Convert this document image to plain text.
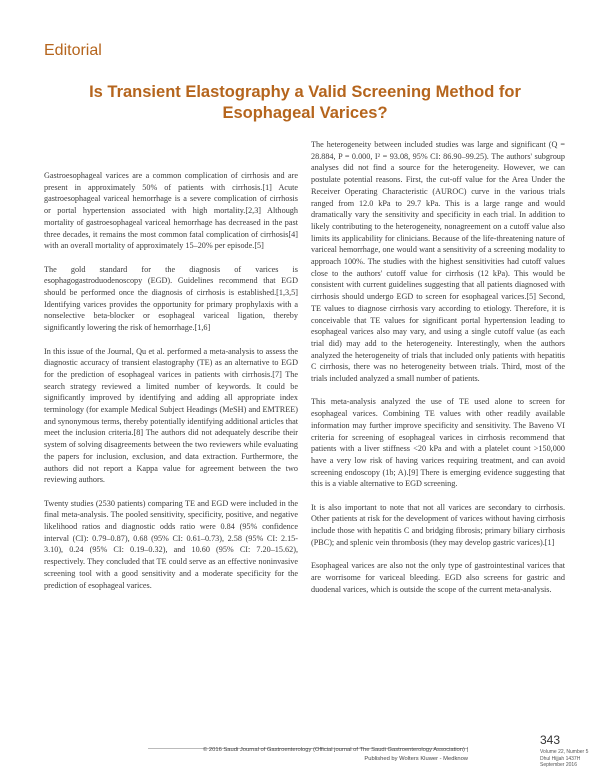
Editorial
Is Transient Elastography a Valid Screening Method for Esophageal Varices?

Gastroesophageal varices are a common complication of cirrhosis and are present in approximately 50% of patients with cirrhosis.[1] Acute gastroesophageal variceal hemorrhage is a severe complication of cirrhosis or portal hypertension associated with high mortality.[2,3] Although mortality of gastroesophageal variceal hemorrhage has decreased in the past three decades, it remains the most common fatal complication of cirrhosis[4] with an overall mortality of approximately 15–20% per episode.[5]

The gold standard for the diagnosis of varices is esophagogastroduodenoscopy (EGD). Guidelines recommend that EGD should be performed once the diagnosis of cirrhosis is established.[1,3,5] Identifying varices provides the opportunity for primary prophylaxis with a nonselective beta-blocker or esophageal variceal ligation, thereby significantly lowering the risk of hemorrhage.[1,6]

In this issue of the Journal, Qu et al. performed a meta-analysis to assess the diagnostic accuracy of transient elastography (TE) as an alternative to EGD for the prediction of esophageal varices in patients with cirrhosis.[7] The search strategy reviewed a limited number of keywords. It could be significantly improved by identifying and adding all appropriate index terminology (for example Medical Subject Headings (MeSH) and EMTREE) and synonymous terms, thereby potentially identifying additional articles that meet the inclusion criteria.[8] The authors did not adequately describe their system of solving disagreements between the two reviewers while evaluating the papers for inclusion, exclusion, and data extraction. Furthermore, the authors did not report a Kappa value for agreement between the two reviewing authors.

Twenty studies (2530 patients) comparing TE and EGD were included in the final meta-analysis. The pooled sensitivity, specificity, positive, and negative likelihood ratios and diagnostic odds ratio were 0.84 (95% confidence interval (CI): 0.79–0.87), 0.68 (95% CI: 0.61–0.73), 2.58 (95% CI: 2.15-3.10), 0.24 (95% CI: 0.19–0.32), and 10.60 (95% CI: 7.20–15.62), respectively. They concluded that TE could serve as an effective noninvasive screening tool with a good sensitivity and a moderate specificity for the prediction of esophageal varices.

The heterogeneity between included studies was large and significant (Q = 28.884, P = 0.000, I² = 93.08, 95% CI: 86.90–99.25). The authors' subgroup analyses did not find a source for the heterogeneity. However, we can postulate potential reasons. First, the cut-off value for the Area Under the Receiver Operating Characteristic (AUROC) curve in the various trials ranged from 12.0 kPa to 29.7 kPa. This is a large range and would dramatically vary the sensitivity and specificity in each trial. In addition to likely contributing to the heterogeneity, nonagreement on a cutoff value also limits its applicability for clinicians. Because of the life-threatening nature of variceal hemorrhage, one would want a sensitivity of a screening modality to approach 100%. The studies with the highest sensitivities had cutoff values close to the authors' cutoff value for cirrhosis (12 kPa). This would be consistent with current guidelines suggesting that all patients diagnosed with cirrhosis should undergo EGD to screen for esophageal varices.[5] Second, TE values to diagnose cirrhosis vary according to etiology. Therefore, it is conceivable that TE values for significant portal hypertension leading to esophageal varices also may vary, and using a single cutoff value (as each trial did) may add to the heterogeneity. Interestingly, when the authors analyzed the heterogeneity of trials that included only patients with hepatitis C cirrhosis, there was no heterogeneity between trials. Third, most of the trials included analyzed a small number of patients.

This meta-analysis analyzed the use of TE used alone to screen for esophageal varices. Combining TE values with other readily available information may further improve specificity and sensitivity. The Baveno VI criteria for screening of esophageal varices in cirrhosis recommend that patients with a liver stiffness <20 kPa and with a platelet count >150,000 have a very low risk of having varices requiring treatment, and can avoid screening endoscopy (1b; A).[9] There is emerging evidence suggesting that this is a viable alternative to EGD screening.

It is also important to note that not all varices are secondary to cirrhosis. Other patients at risk for the development of varices without having cirrhosis include those with hepatitis C and bridging fibrosis; primary biliary cirrhosis (PBC); and splenic vein thrombosis (they may develop gastric varices).[1]

Esophageal varices are also not the only type of gastrointestinal varices that are worrisome for variceal bleeding. EGD also screens for gastric and duodenal varices, which is outside the scope of the current meta-analysis.

© 2016 Saudi Journal of Gastroenterology (Official journal of The Saudi Gastroenterology Association) |
Published by Wolters Kluwer - Medknow
343
Volume 22, Number 5
Dhul Hijjah 1437H
September 2016
